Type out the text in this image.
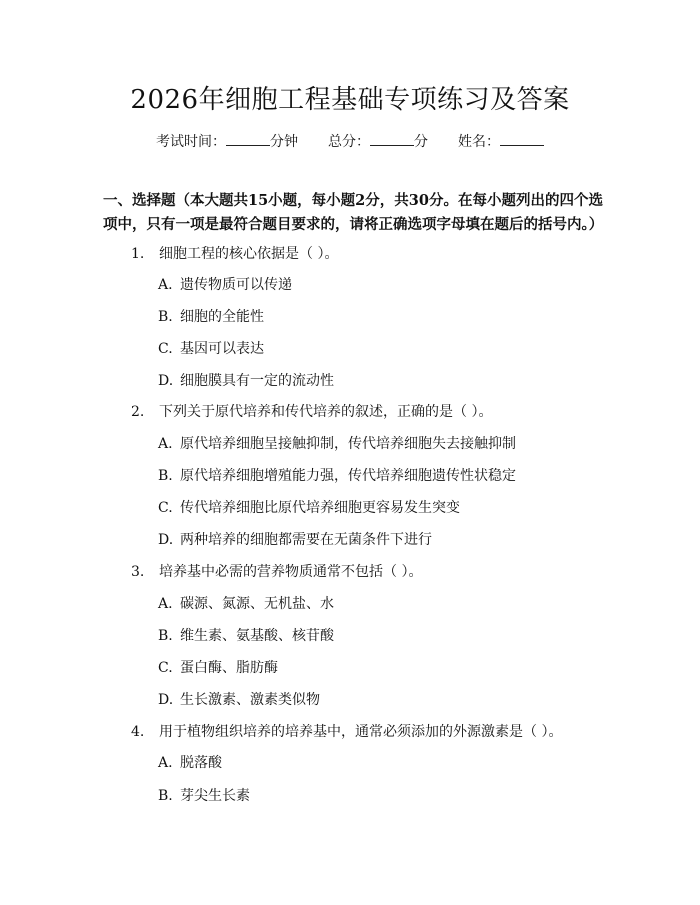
2026年细胞工程基础专项练习及答案
考试时间：	分钟 总分：	分 姓名：
一、选择题（本大题共15小题，每小题2分，共30分。在每小题列出的四个选项中，只有一项是最符合题目要求的，请将正确选项字母填在题后的括号内。）
1. 细胞工程的核心依据是（ ）。
A. 遗传物质可以传递
B. 细胞的全能性
C. 基因可以表达
D. 细胞膜具有一定的流动性
2. 下列关于原代培养和传代培养的叙述，正确的是（ ）。
A. 原代培养细胞呈接触抑制，传代培养细胞失去接触抑制
B. 原代培养细胞增殖能力强，传代培养细胞遗传性状稳定
C. 传代培养细胞比原代培养细胞更容易发生突变
D. 两种培养的细胞都需要在无菌条件下进行
3. 培养基中必需的营养物质通常不包括（ ）。
A. 碳源、氮源、无机盐、水
B. 维生素、氨基酸、核苷酸
C. 蛋白酶、脂肪酶
D. 生长激素、激素类似物
4. 用于植物组织培养的培养基中，通常必须添加的外源激素是（ ）。
A. 脱落酸
B. 芽尖生长素
